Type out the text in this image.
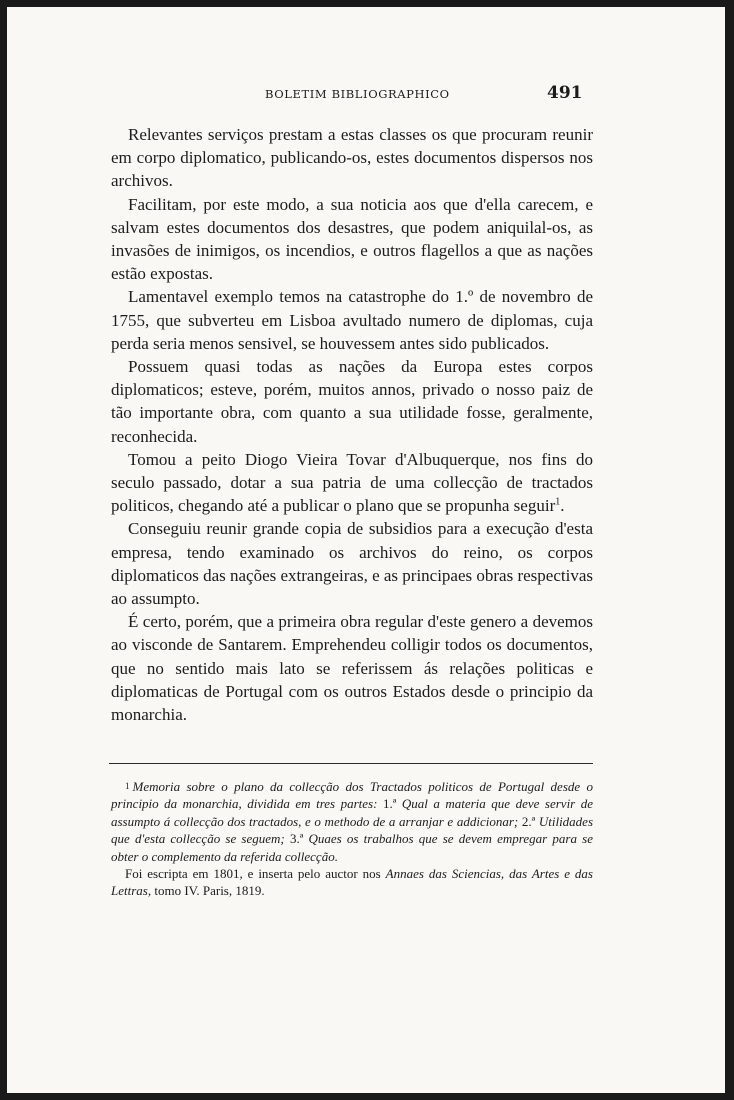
BOLETIM BIBLIOGRAPHICO	491

Relevantes serviços prestam a estas classes os que procuram reunir em corpo diplomatico, publicando-os, estes documentos dispersos nos archivos.

Facilitam, por este modo, a sua noticia aos que d'ella carecem, e salvam estes documentos dos desastres, que podem aniquilal-os, as invasões de inimigos, os incendios, e outros flagellos a que as nações estão expostas.

Lamentavel exemplo temos na catastrophe do 1.º de novembro de 1755, que subverteu em Lisboa avultado numero de diplomas, cuja perda seria menos sensivel, se houvessem antes sido publicados.

Possuem quasi todas as nações da Europa estes corpos diplomaticos; esteve, porém, muitos annos, privado o nosso paiz de tão importante obra, com quanto a sua utilidade fosse, geralmente, reconhecida.

Tomou a peito Diogo Vieira Tovar d'Albuquerque, nos fins do seculo passado, dotar a sua patria de uma collecção de tractados politicos, chegando até a publicar o plano que se propunha seguir$^1$.

Conseguiu reunir grande copia de subsidios para a execução d'esta empresa, tendo examinado os archivos do reino, os corpos diplomaticos das nações extrangeiras, e as principaes obras respectivas ao assumpto.

É certo, porém, que a primeira obra regular d'este genero a devemos ao visconde de Santarem. Emprehendeu colligir todos os documentos, que no sentido mais lato se referissem ás relações politicas e diplomaticas de Portugal com os outros Estados desde o principio da monarchia.

$^1$ Memoria sobre o plano da collecção dos Tractados politicos de Portugal desde o principio da monarchia, dividida em tres partes: 1.ª Qual a materia que deve servir de assumpto á collecção dos tractados, e o methodo de a arranjar e addicionar; 2.ª Utilidades que d'esta collecção se seguem; 3.ª Quaes os trabalhos que se devem empregar para se obter o complemento da referida collecção.

Foi escripta em 1801, e inserta pelo auctor nos Annaes das Sciencias, das Artes e das Lettras, tomo IV. Paris, 1819.
